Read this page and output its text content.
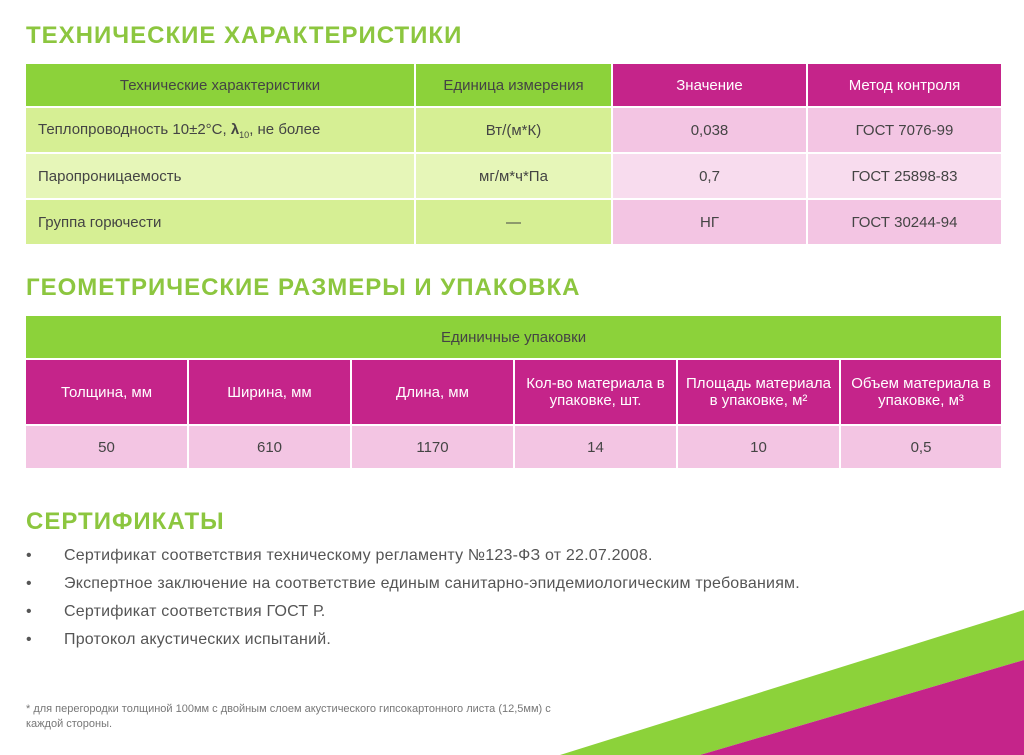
ТЕХНИЧЕСКИЕ ХАРАКТЕРИСТИКИ
Технические характеристики	Единица измерения	Значение	Метод контроля
Теплопроводность 10±2°С, $\lambda_{10}$, не более	Вт/(м*К)	0,038	ГОСТ 7076-99
Паропроницаемость	мг/м*ч*Па	0,7	ГОСТ 25898-83
Группа горючести	—	НГ	ГОСТ 30244-94
ГЕОМЕТРИЧЕСКИЕ РАЗМЕРЫ И УПАКОВКА
Единичные упаковки					
Толщина, мм	Ширина, мм	Длина, мм	Кол-во материала в упаковке, шт.	Площадь материала в упаковке, м²	Объем материала в упаковке, м³
50	610	1170	14	10	0,5
СЕРТИФИКАТЫ
• Сертификат соответствия техническому регламенту №123-ФЗ от 22.07.2008.
• Экспертное заключение на соответствие единым санитарно-эпидемиологическим требованиям.
• Сертификат соответствия ГОСТ Р.
• Протокол акустических испытаний.
* для перегородки толщиной 100мм с двойным слоем акустического гипсокартонного листа (12,5мм) с каждой стороны.
